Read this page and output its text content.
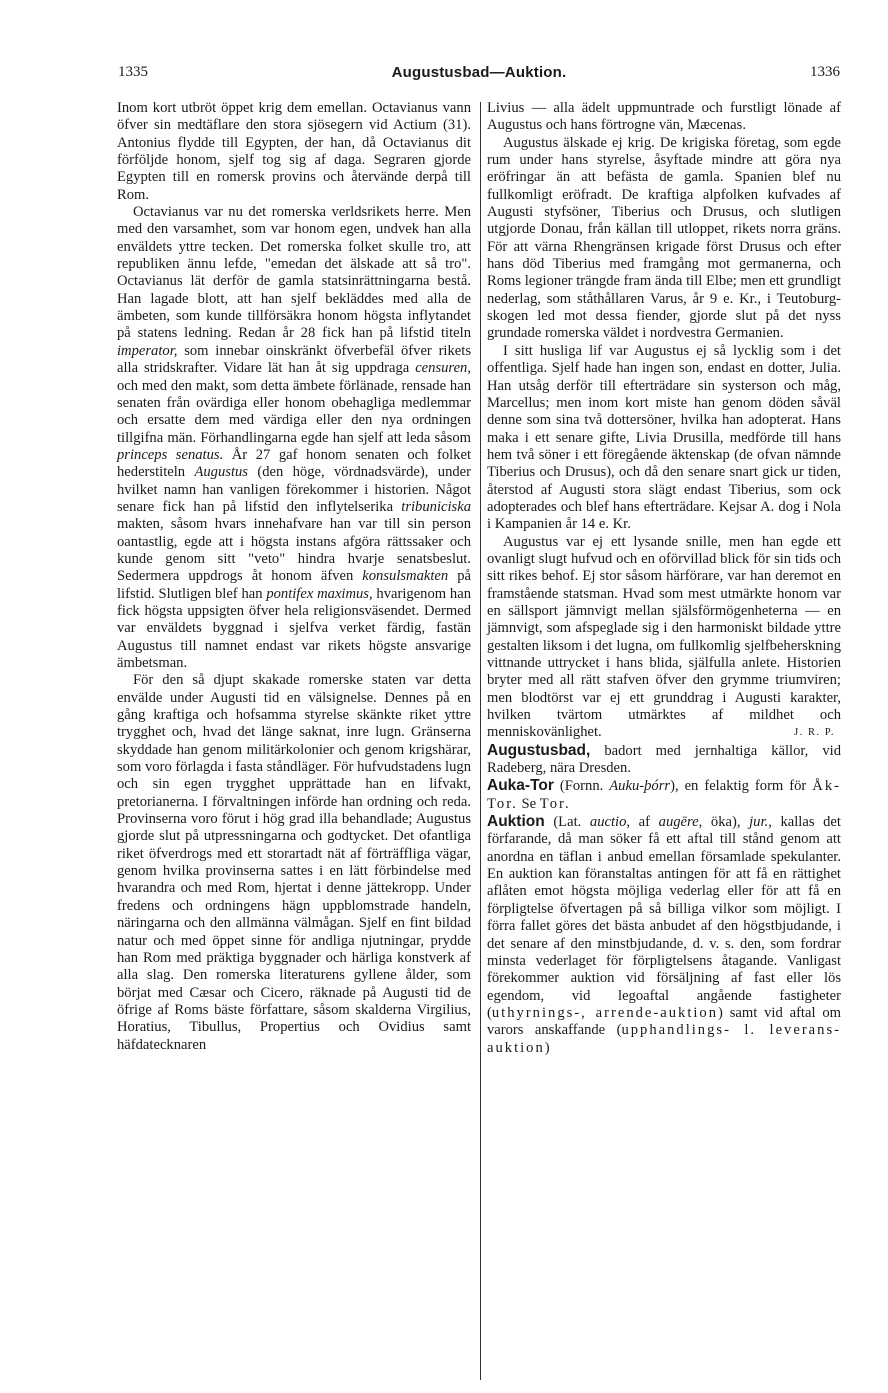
1335	Augustusbad—Auktion.	1336

Inom kort utbröt öppet krig dem emellan. Octavianus vann öfver sin medtäflare den stora sjösegern vid Actium (31). Antonius flydde till Egypten, der han, då Octavianus dit förföljde honom, sjelf tog sig af daga. Segraren gjorde Egypten till en romersk provins och återvände derpå till Rom.

Octavianus var nu det romerska verldsrikets herre. Men med den varsamhet, som var honom egen, undvek han alla enväldets yttre tecken. Det romerska folket skulle tro, att republiken ännu lefde, "emedan det älskade att så tro". Octavianus lät derför de gamla statsinrättningarna bestå. Han lagade blott, att han sjelf bekläddes med alla de ämbeten, som kunde tillförsäkra honom högsta inflytandet på statens ledning. Redan år 28 fick han på lifstid titeln imperator, som innebar oinskränkt öfverbefäl öfver rikets alla stridskrafter. Vidare lät han åt sig uppdraga censuren, och med den makt, som detta ämbete förlänade, rensade han senaten från ovärdiga eller honom obehagliga medlemmar och ersatte dem med värdiga eller den nya ordningen tillgifna män. Förhandlingarna egde han sjelf att leda såsom princeps senatus. År 27 gaf honom senaten och folket hederstiteln Augustus (den höge, vördnadsvärde), under hvilket namn han vanligen förekommer i historien. Något senare fick han på lifstid den inflytelserika tribuniciska makten, såsom hvars innehafvare han var till sin person oantastlig, egde att i högsta instans afgöra rättssaker och kunde genom sitt "veto" hindra hvarje senatsbeslut. Sedermera uppdrogs åt honom äfven konsulsmakten på lifstid. Slutligen blef han pontifex maximus, hvarigenom han fick högsta uppsigten öfver hela religionsväsendet. Dermed var enväldets byggnad i sjelfva verket färdig, fastän Augustus till namnet endast var rikets högste ansvarige ämbetsman.

För den så djupt skakade romerske staten var detta envälde under Augusti tid en välsignelse. Dennes på en gång kraftiga och hofsamma styrelse skänkte riket yttre trygghet och, hvad det länge saknat, inre lugn. Gränserna skyddade han genom militärkolonier och genom krigshärar, som voro förlagda i fasta ståndläger. För hufvudstadens lugn och sin egen trygghet upprättade han en lifvakt, pretorianerna. I förvaltningen införde han ordning och reda. Provinserna voro förut i hög grad illa behandlade; Augustus gjorde slut på utpressningarna och godtycket. Det ofantliga riket öfverdrogs med ett storartadt nät af förträffliga vägar, genom hvilka provinserna sattes i en lätt förbindelse med hvarandra och med Rom, hjertat i denne jättekropp. Under fredens och ordningens hägn uppblomstrade handeln, näringarna och den allmänna välmågan. Sjelf en fint bildad natur och med öppet sinne för andliga njutningar, prydde han Rom med präktiga byggnader och härliga konstverk af alla slag. Den romerska literaturens gyllene ålder, som börjat med Cæsar och Cicero, räknade på Augusti tid de öfrige af Roms bäste författare, såsom skalderna Virgilius, Horatius, Tibullus, Propertius och Ovidius samt häfdatecknaren

Livius — alla ädelt uppmuntrade och furstligt lönade af Augustus och hans förtrogne vän, Mæcenas.

Augustus älskade ej krig. De krigiska företag, som egde rum under hans styrelse, åsyftade mindre att göra nya eröfringar än att befästa de gamla. Spanien blef nu fullkomligt eröfradt. De kraftiga alpfolken kufvades af Augusti styfsöner, Tiberius och Drusus, och slutligen utgjorde Donau, från källan till utloppet, rikets norra gräns. För att värna Rhengränsen krigade först Drusus och efter hans död Tiberius med framgång mot germanerna, och Roms legioner trängde fram ända till Elbe; men ett grundligt nederlag, som ståthållaren Varus, år 9 e. Kr., i Teutoburg-skogen led mot dessa fiender, gjorde slut på det nyss grundade romerska väldet i nordvestra Germanien.

I sitt husliga lif var Augustus ej så lycklig som i det offentliga. Sjelf hade han ingen son, endast en dotter, Julia. Han utsåg derför till efterträdare sin systerson och måg, Marcellus; men inom kort miste han genom döden såväl denne som sina två dottersöner, hvilka han adopterat. Hans maka i ett senare gifte, Livia Drusilla, medförde till hans hem två söner i ett föregående äktenskap (de ofvan nämnde Tiberius och Drusus), och då den senare snart gick ur tiden, återstod af Augusti stora slägt endast Tiberius, som ock adopterades och blef hans efterträdare. Kejsar A. dog i Nola i Kampanien år 14 e. Kr.

Augustus var ej ett lysande snille, men han egde ett ovanligt slugt hufvud och en oförvillad blick för sin tids och sitt rikes behof. Ej stor såsom härförare, var han deremot en framstående statsman. Hvad som mest utmärkte honom var en sällsport jämnvigt mellan själsförmögenheterna — en jämnvigt, som afspeglade sig i den harmoniskt bildade yttre gestalten liksom i det lugna, om fullkomlig sjelfbeherskning vittnande uttrycket i hans blida, själfulla anlete. Historien bryter med all rätt stafven öfver den grymme triumviren; men blodtörst var ej ett grunddrag i Augusti karakter, hvilken tvärtom utmärktes af mildhet och menniskovänlighet.	J. R. P.

Augustusbad, badort med jernhaltiga källor, vid Radeberg, nära Dresden.

Auka-Tor (Fornn. Auku-þórr), en felaktig form för Åk-Tor. Se Tor.

Auktion (Lat. auctio, af augēre, öka), jur., kallas det förfarande, då man söker få ett aftal till stånd genom att anordna en täflan i anbud emellan församlade spekulanter. En auktion kan föranstaltas antingen för att få en rättighet aflåten emot högsta möjliga vederlag eller för att få en förpligtelse öfvertagen på så billiga vilkor som möjligt. I förra fallet göres det bästa anbudet af den högstbjudande, i det senare af den minstbjudande, d. v. s. den, som fordrar minsta vederlaget för förpligtelsens åtagande. Vanligast förekommer auktion vid försäljning af fast eller lös egendom, vid legoaftal angående fastigheter (uthyrnings-, arrende-auktion) samt vid aftal om varors anskaffande (upphandlings- l. leverans-auktion)
